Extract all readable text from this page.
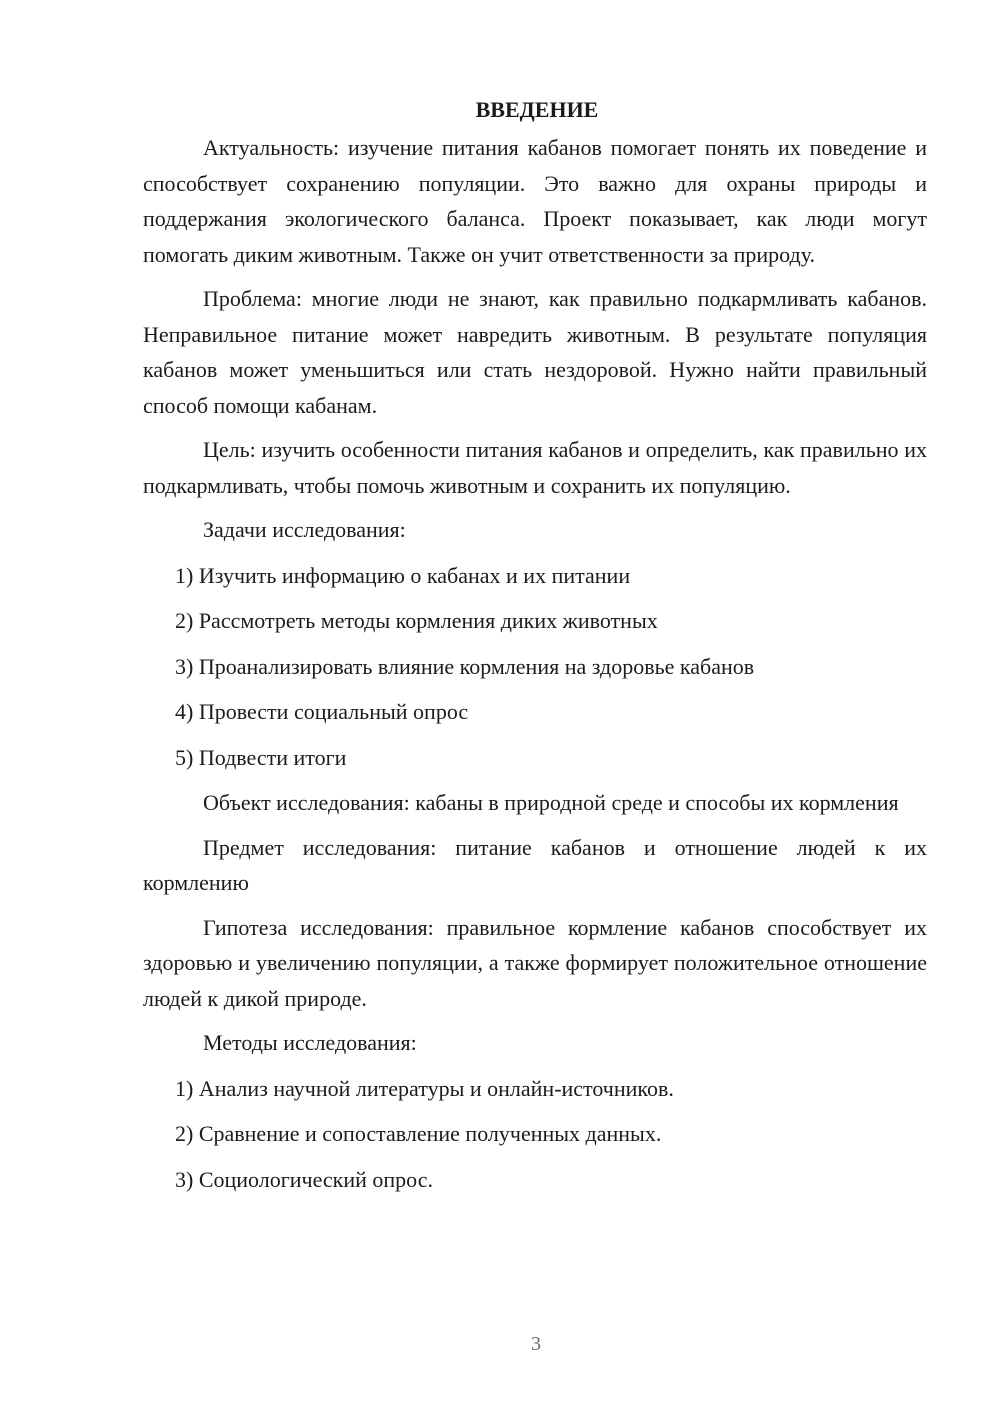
ВВЕДЕНИЕ

Актуальность: изучение питания кабанов помогает понять их поведение и способствует сохранению популяции. Это важно для охраны природы и поддержания экологического баланса. Проект показывает, как люди могут помогать диким животным. Также он учит ответственности за природу.

Проблема: многие люди не знают, как правильно подкармливать кабанов. Неправильное питание может навредить животным. В результате популяция кабанов может уменьшиться или стать нездоровой. Нужно найти правильный способ помощи кабанам.

Цель: изучить особенности питания кабанов и определить, как правильно их подкармливать, чтобы помочь животным и сохранить их популяцию.

Задачи исследования:

1) Изучить информацию о кабанах и их питании
2) Рассмотреть методы кормления диких животных
3) Проанализировать влияние кормления на здоровье кабанов
4) Провести социальный опрос
5) Подвести итоги

Объект исследования: кабаны в природной среде и способы их кормления

Предмет исследования: питание кабанов и отношение людей к их кормлению

Гипотеза исследования: правильное кормление кабанов способствует их здоровью и увеличению популяции, а также формирует положительное отношение людей к дикой природе.

Методы исследования:

1) Анализ научной литературы и онлайн-источников.
2) Сравнение и сопоставление полученных данных.
3) Социологический опрос.
3
